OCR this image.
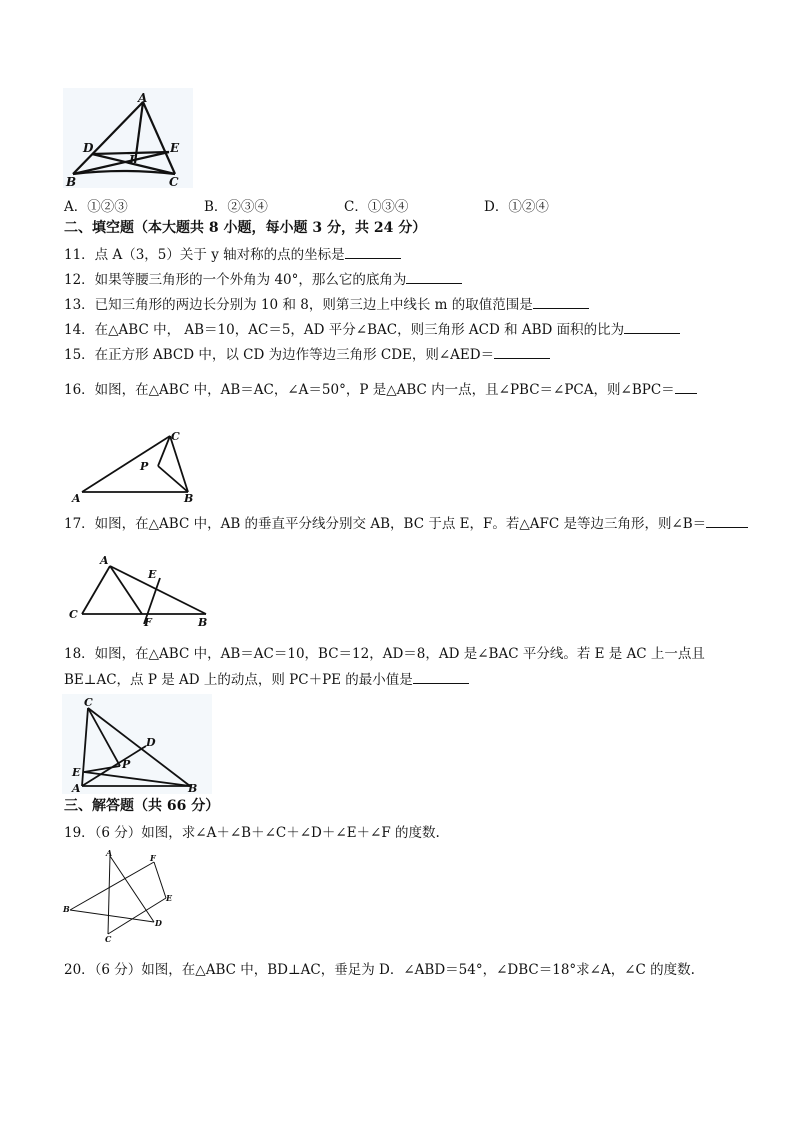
A
D	E
I
B	C
A．①②③	B．②③④	C．①③④	D．①②④
二、填空题（本大题共 8 小题，每小题 3 分，共 24 分）
11．点 A（3，5）关于 y 轴对称的点的坐标是
12．如果等腰三角形的一个外角为 40°，那么它的底角为
13．已知三角形的两边长分别为 10 和 8，则第三边上中线长 m 的取值范围是
14．在△ABC 中， AB＝10，AC＝5，AD 平分∠BAC，则三角形 ACD 和 ABD 面积的比为
15．在正方形 ABCD 中，以 CD 为边作等边三角形 CDE，则∠AED＝
16．如图，在△ABC 中，AB＝AC，∠A＝50°，P 是△ABC 内一点，且∠PBC＝∠PCA，则∠BPC＝
C
P
A	B
17．如图，在△ABC 中，AB 的垂直平分线分别交 AB，BC 于点 E，F。若△AFC 是等边三角形，则∠B＝
A
E
C
F	B
18．如图，在△ABC 中，AB＝AC＝10，BC＝12，AD＝8，AD 是∠BAC 平分线。若 E 是 AC 上一点且
BE⊥AC，点 P 是 AD 上的动点，则 PC＋PE 的最小值是
C
D
P
E
A	B
三、解答题（共 66 分）
19．（6 分）如图，求∠A＋∠B＋∠C＋∠D＋∠E＋∠F 的度数.
A	F
E
B
D
C
20．（6 分）如图，在△ABC 中，BD⊥AC，垂足为 D．∠ABD＝54°，∠DBC＝18°求∠A，∠C 的度数.
